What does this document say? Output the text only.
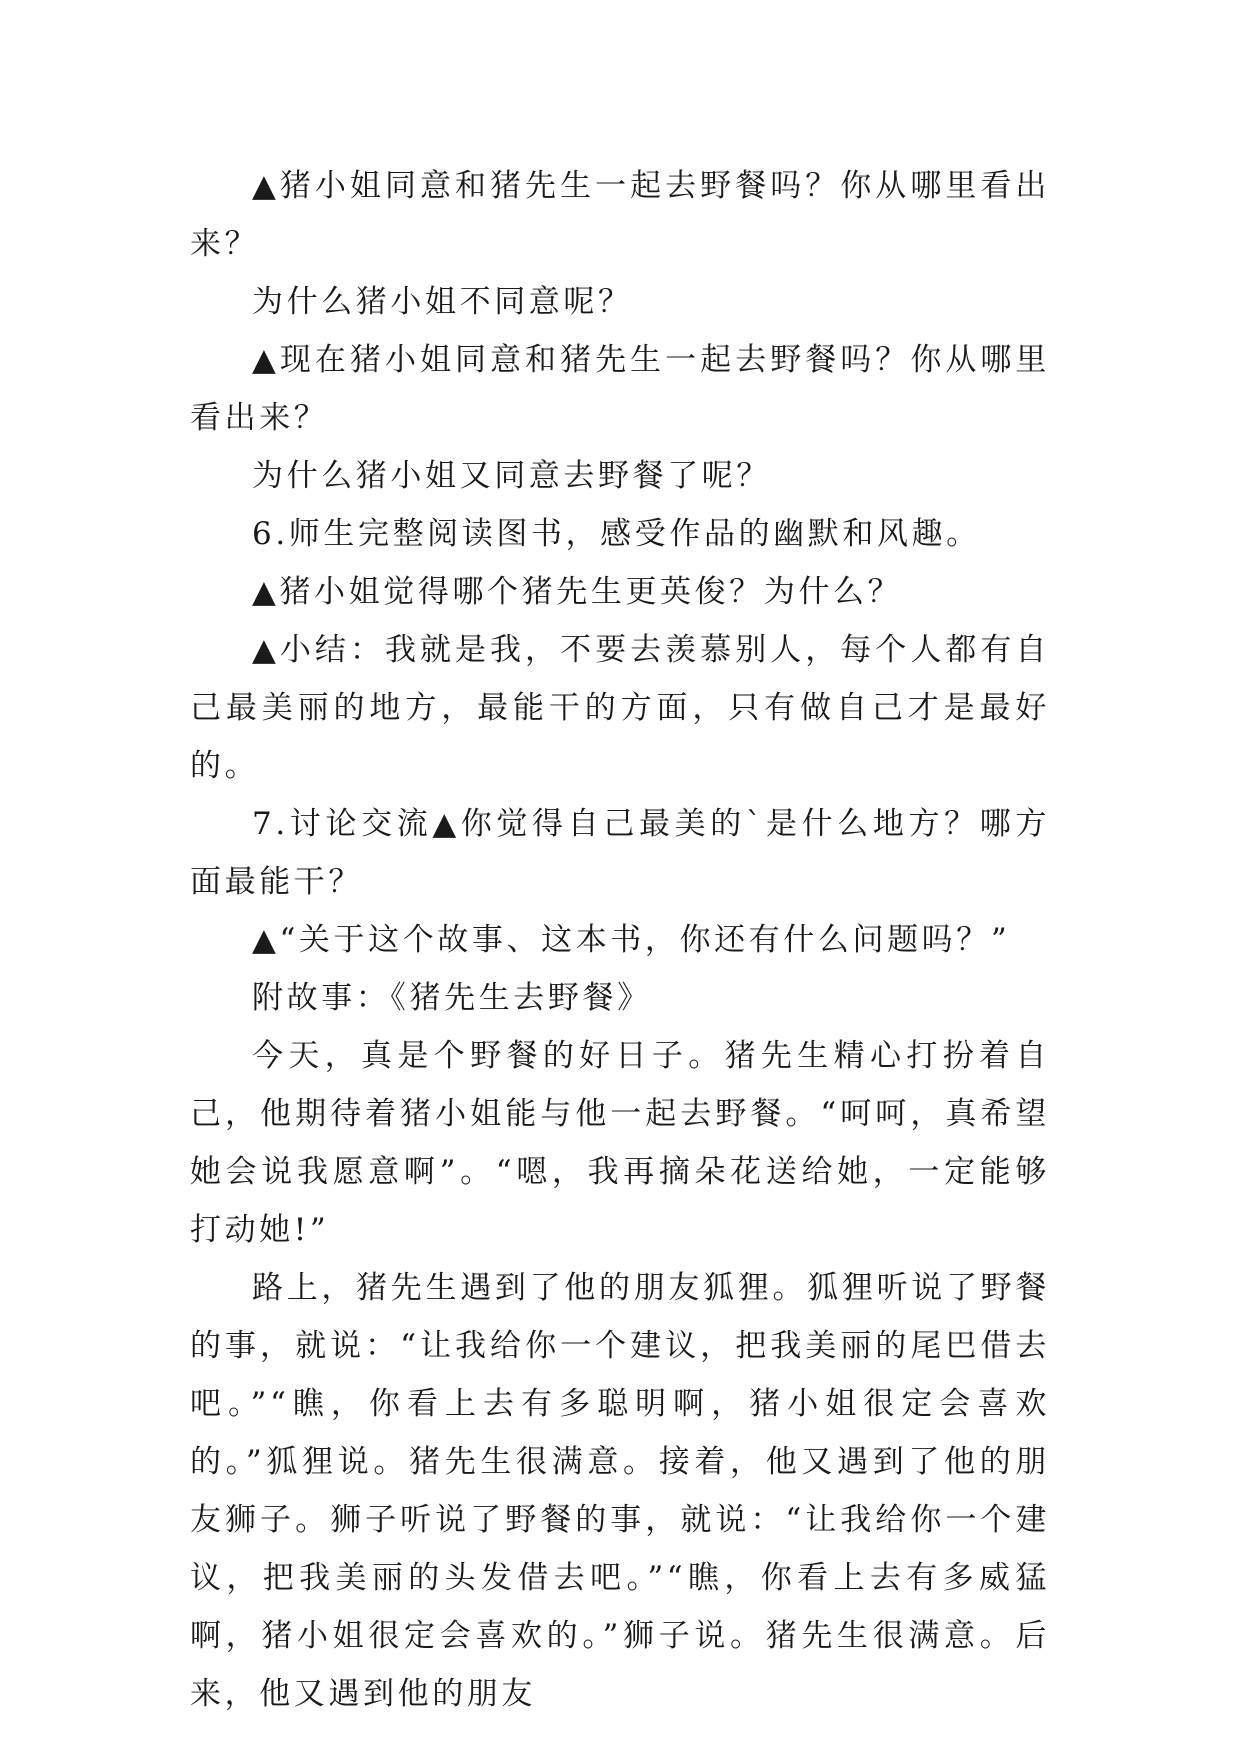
▲猪小姐同意和猪先生一起去野餐吗？你从哪里看出来？

为什么猪小姐不同意呢？

▲现在猪小姐同意和猪先生一起去野餐吗？你从哪里看出来？

为什么猪小姐又同意去野餐了呢？

6.师生完整阅读图书，感受作品的幽默和风趣。

▲猪小姐觉得哪个猪先生更英俊？为什么？

▲小结：我就是我，不要去羡慕别人，每个人都有自己最美丽的地方，最能干的方面，只有做自己才是最好的。

7.讨论交流▲你觉得自己最美的`是什么地方？哪方面最能干？

▲“关于这个故事、这本书，你还有什么问题吗？”

附故事：《猪先生去野餐》

今天，真是个野餐的好日子。猪先生精心打扮着自己，他期待着猪小姐能与他一起去野餐。“呵呵，真希望她会说我愿意啊”。“嗯，我再摘朵花送给她，一定能够打动她!”

路上，猪先生遇到了他的朋友狐狸。狐狸听说了野餐的事，就说：“让我给你一个建议，把我美丽的尾巴借去吧。”“瞧，你看上去有多聪明啊，猪小姐很定会喜欢的。”狐狸说。猪先生很满意。接着，他又遇到了他的朋友狮子。狮子听说了野餐的事，就说：“让我给你一个建议，把我美丽的头发借去吧。”“瞧，你看上去有多威猛啊，猪小姐很定会喜欢的。”狮子说。猪先生很满意。后来，他又遇到他的朋友
